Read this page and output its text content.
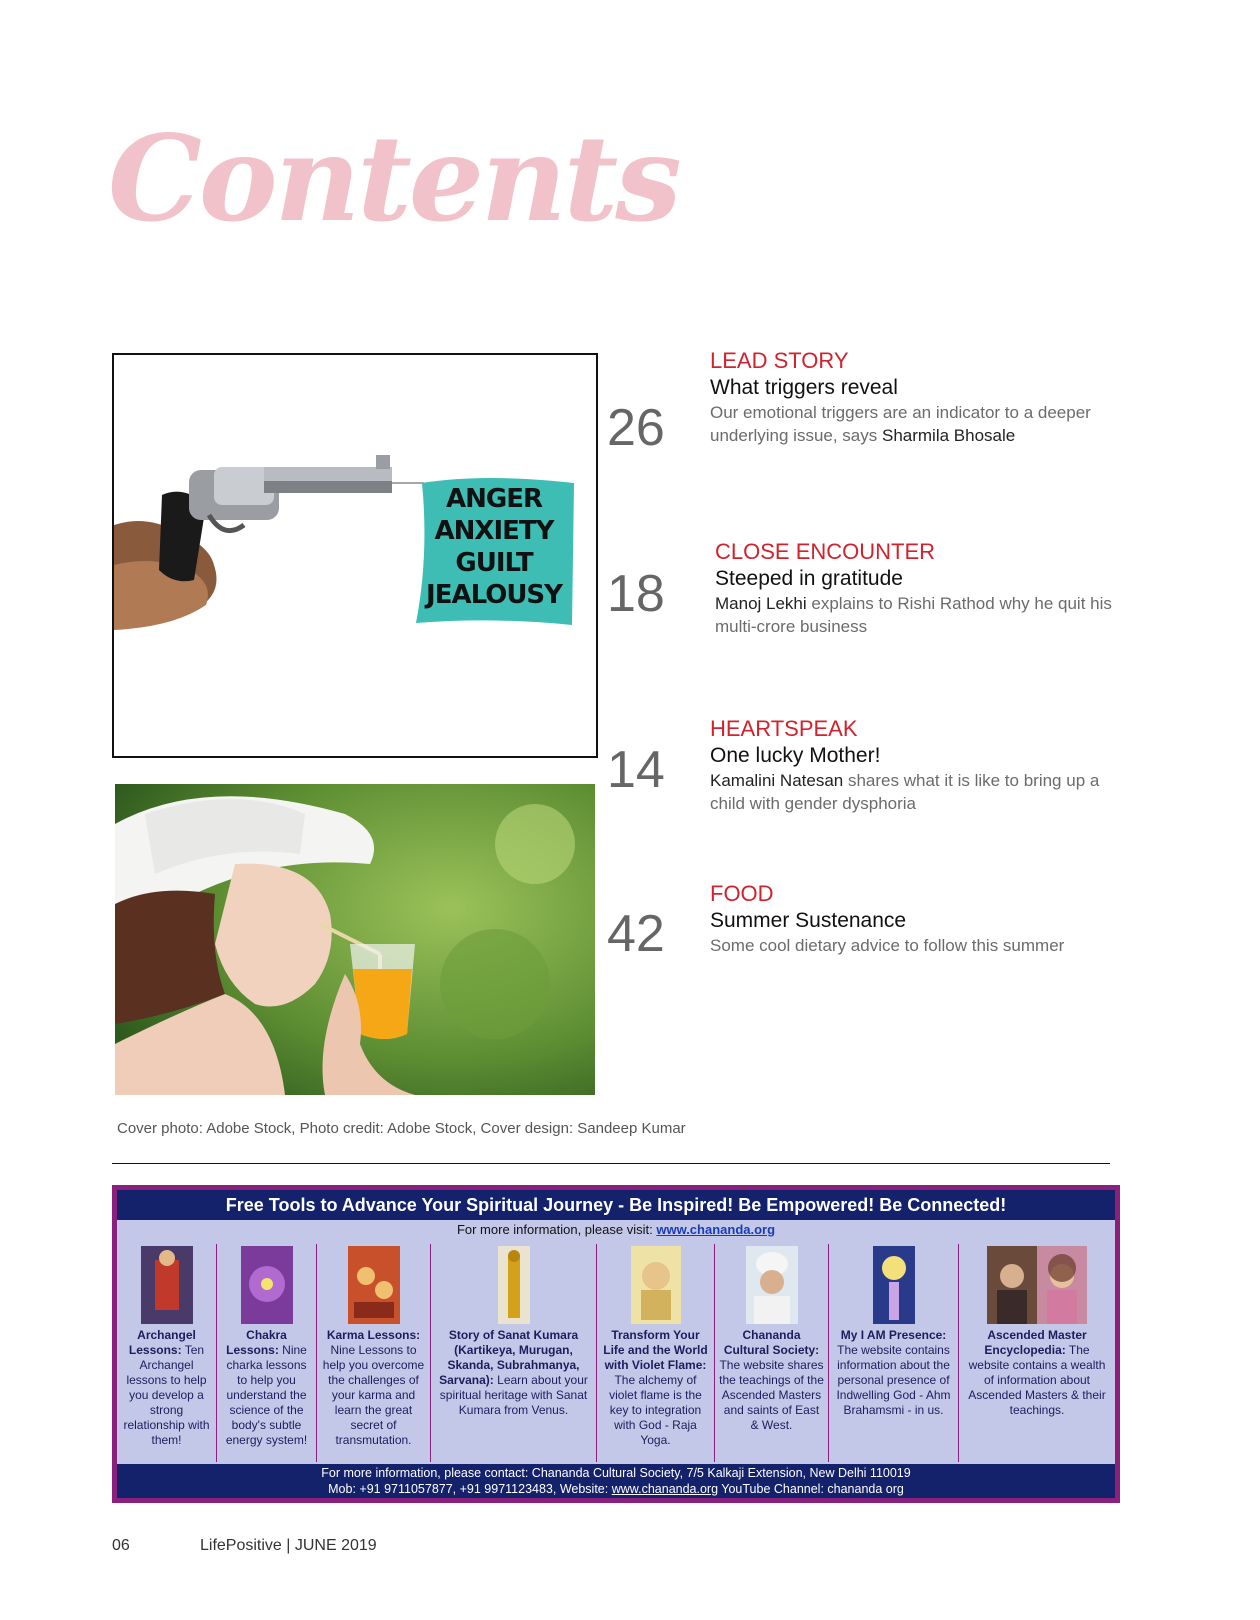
Contents
ANGER
ANXIETY
GUILT
JEALOUSY
26
LEAD STORY
What triggers reveal
Our emotional triggers are an indicator to a deeper underlying issue, says Sharmila Bhosale
18
CLOSE ENCOUNTER
Steeped in gratitude
Manoj Lekhi explains to Rishi Rathod why he quit his multi-crore business
14
HEARTSPEAK
One lucky Mother!
Kamalini Natesan shares what it is like to bring up a child with gender dysphoria
42
FOOD
Summer Sustenance
Some cool dietary advice to follow this summer
Cover photo: Adobe Stock, Photo credit: Adobe Stock, Cover design: Sandeep Kumar
Free Tools to Advance Your Spiritual Journey - Be Inspired! Be Empowered! Be Connected!
For more information, please visit: www.chananda.org
Archangel Lessons: Ten Archangel lessons to help you develop a strong relationship with them!
Chakra Lessons: Nine charka lessons to help you understand the science of the body's subtle energy system!
Karma Lessons: Nine Lessons to help you overcome the challenges of your karma and learn the great secret of transmutation.
Story of Sanat Kumara (Kartikeya, Murugan, Skanda, Subrahmanya, Sarvana): Learn about your spiritual heritage with Sanat Kumara from Venus.
Transform Your Life and the World with Violet Flame: The alchemy of violet flame is the key to integration with God - Raja Yoga.
Chananda Cultural Society: The website shares the teachings of the Ascended Masters and saints of East & West.
My I AM Presence: The website contains information about the personal presence of Indwelling God - Ahm Brahamsmi - in us.
Ascended Master Encyclopedia: The website contains a wealth of information about Ascended Masters & their teachings.
For more information, please contact: Chananda Cultural Society, 7/5 Kalkaji Extension, New Delhi 110019
Mob: +91 9711057877, +91 9971123483, Website: www.chananda.org YouTube Channel: chananda org
06	LifePositive | JUNE 2019
